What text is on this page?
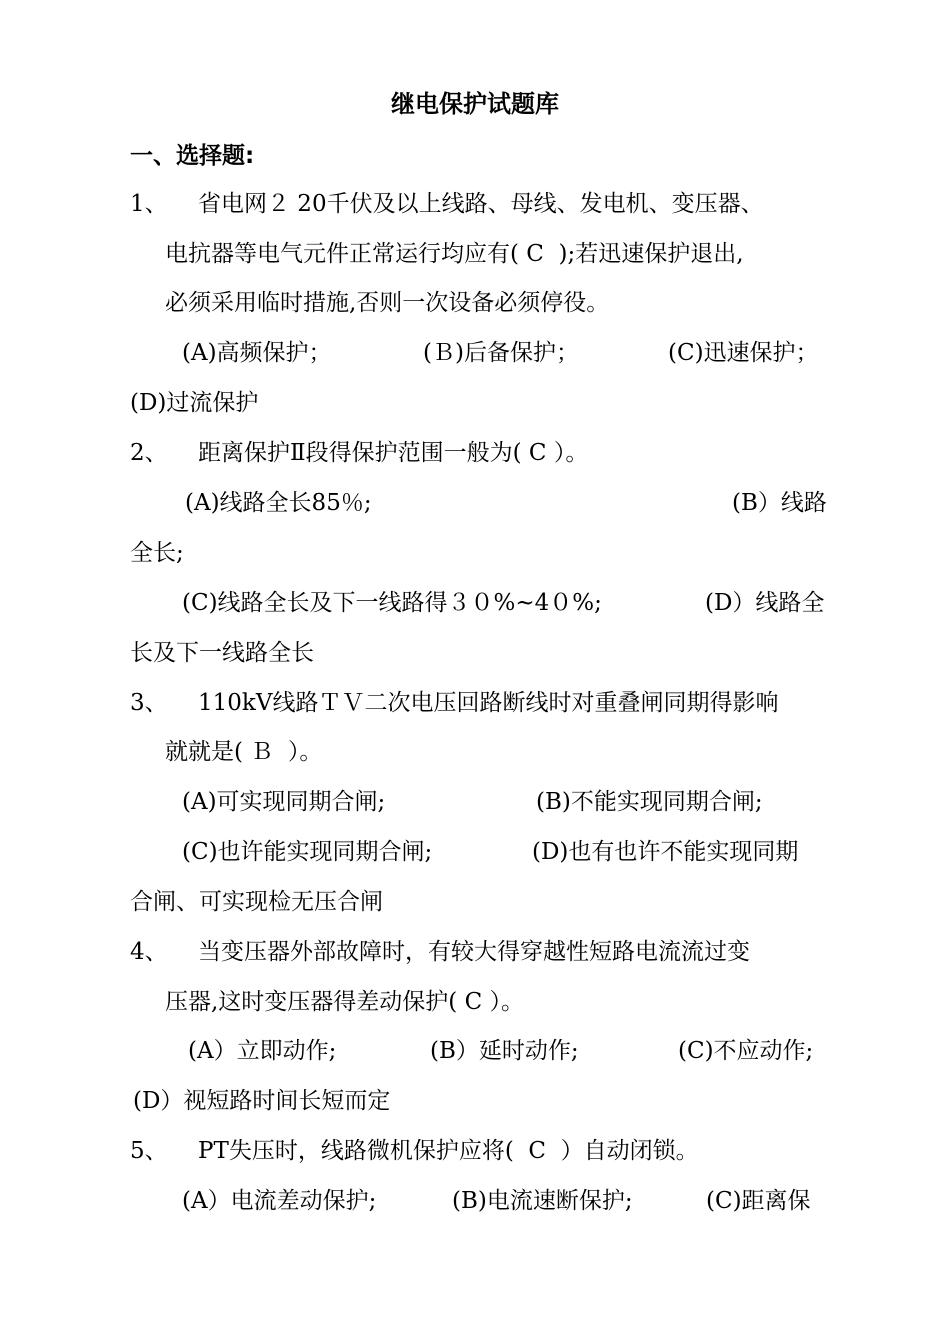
继电保护试题库
一、选择题:
1、 省电网２ 20千伏及以上线路、母线、发电机、变压器、
电抗器等电气元件正常运行均应有( C  );若迅速保护退出,
必须采用临时措施,否则一次设备必须停役。
(A)高频保护；	(Ｂ)后备保护；	(C)迅速保护；
(D)过流保护
2、 距离保护Ⅱ段得保护范围一般为( C ）。
(A)线路全长85％;	(B）线路
全长;
(C)线路全长及下一线路得３０%~4０%;	(D）线路全
长及下一线路全长
3、 110kV线路ＴＶ二次电压回路断线时对重叠闸同期得影响
就就是( Ｂ  ）。
(A)可实现同期合闸;	(B)不能实现同期合闸;
(C)也许能实现同期合闸;	(D)也有也许不能实现同期
合闸、可实现检无压合闸
4、 当变压器外部故障时，有较大得穿越性短路电流流过变
压器,这时变压器得差动保护( C ）。
(A）立即动作;	(B）延时动作;	(C)不应动作;
(D）视短路时间长短而定
5、 PT失压时，线路微机保护应将(  C  ）自动闭锁。
(A）电流差动保护;	(B)电流速断保护;	(C)距离保
